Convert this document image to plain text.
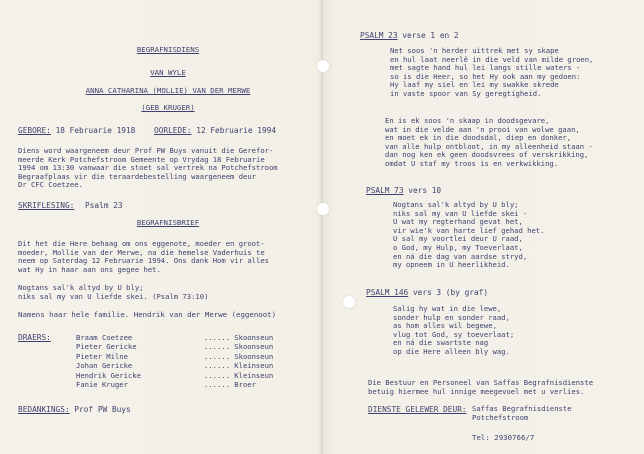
BEGRAFNISDIENS
VAN WYLE
ANNA CATHARINA (MOLLIE) VAN DER MERWE
(GEB KRUGER)
GEBORE: 18 Februarie 1918 OORLEDE: 12 Februarie 1994
Diens word waargeneem deur Prof PW Buys vanuit die Gerefor-
meerde Kerk Potchefstroom Gemeente op Vrydag 18 Februarie
1994 om 13:30 vanwaar die stoet sal vertrek na Potchefstroom
Begraafplaas vir die teraardebestelling waargeneem deur
Dr CFC Coetzee.
SKRIFLESING: Psalm 23
BEGRAFNISBRIEF
Dit het die Here behaag om ons eggenote, moeder en groot-
moeder, Mollie van der Merwe, na die hemelse Vaderhuis te
neem op Saterdag 12 Februarie 1994. Ons dank Hom vir alles
wat Hy in haar aan ons gegee het.
Nogtans sal'k altyd by U bly;
niks sal my van U liefde skei. (Psalm 73:10)
Namens haar hele familie. Hendrik van der Merwe (eggenoot)
DRAERS:	Braam Coetzee
Pieter Gericke
Pieter Milne
Johan Gericke
Hendrik Gericke
Fanie Kruger
...... Skoonseun
...... Skoonseun
...... Skoonseun
...... Kleinseun
...... Kleinseun
...... Broer
BEDANKINGS: Prof PW Buys
PSALM 23 verse 1 en 2
Net soos 'n herder uittrek met sy skape
en hul laat neerlê in die veld van milde groen,
met sagte hand hul lei langs stille waters -
so is die Heer, so het Hy ook aan my gedoen:
Hy laaf my siel en lei my swakke skrede
in vaste spoor van Sy geregtigheid.
En is ek soos 'n skaap in doodsgevare,
wat in die velde aan 'n prooi van wolwe gaan,
en moet ek in die doodsdal, diep en donker,
van alle hulp ontbloot, in my alleenheid staan -
dan nog ken ek geen doodsvrees of verskrikking,
omdat U staf my troos is en verkwikking.
PSALM 73 vers 10
Nogtans sal'k altyd by U bly;
niks sal my van U liefde skei -
U wat my regterhand gevat het,
vir wie'k van harte lief gehad het.
U sal my voortlei deur U raad,
o God, my Hulp, my Toeverlaat,
en ná die dag van aardse stryd,
my opneem in U heerlikheid.
PSALM 146 vers 3 (by graf)
Salig hy wat in die lewe,
sonder hulp en sonder raad,
as hom alles wil begewe,
vlug tot God, sy toeverlaat;
en ná die swartste nag
op die Here alleen bly wag.
Die Bestuur en Personeel van Saffas Begrafnisdienste
betuig hiermee hul innige meegevoel met u verlies.
DIENSTE GELEWER DEUR: Saffas Begrafnisdienste
Potchefstroom
Tel: 2930766/7
